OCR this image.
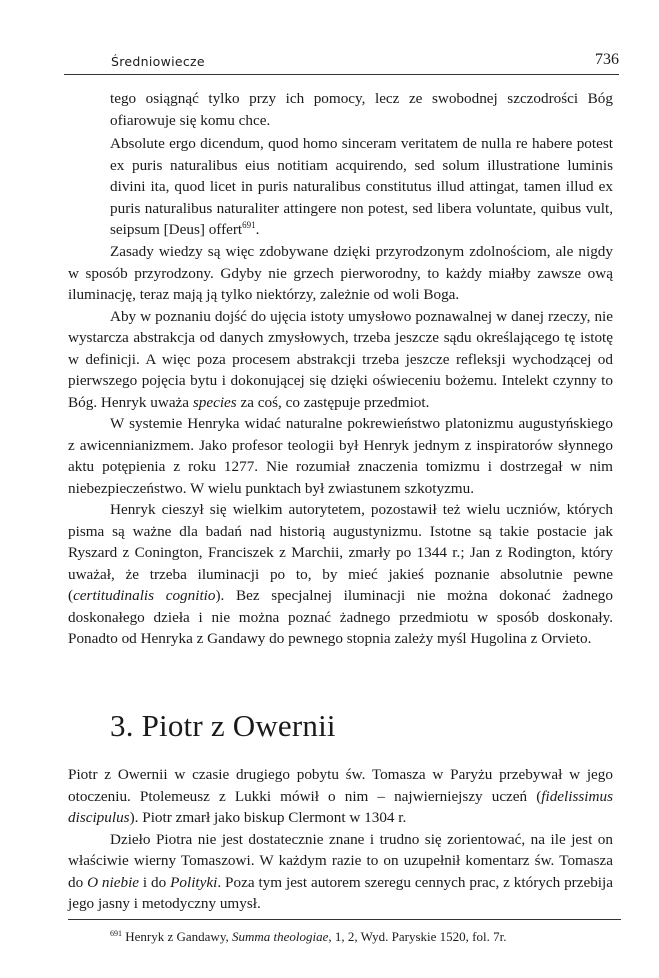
Średniowiecze	736
tego osiągnąć tylko przy ich pomocy, lecz ze swobodnej szczodrości Bóg
ofiarowuje się komu chce.

Absolute ergo dicendum, quod homo sinceram veritatem de nulla re habere potest ex puris naturalibus eius notitiam acquirendo, sed solum illustratione luminis divini ita, quod licet in puris naturalibus constitutus illud attingat, tamen illud ex puris naturalibus naturaliter attingere non potest, sed libera voluntate, quibus vult, seipsum [Deus] offert$^{691}$.

Zasady wiedzy są więc zdobywane dzięki przyrodzonym zdolnościom, ale nigdy w sposób przyrodzony. Gdyby nie grzech pierworodny, to każdy miałby zawsze ową iluminację, teraz mają ją tylko niektórzy, zależnie od woli Boga.

Aby w poznaniu dojść do ujęcia istoty umysłowo poznawalnej w danej rzeczy, nie wystarcza abstrakcja od danych zmysłowych, trzeba jeszcze sądu określającego tę istotę w definicji. A więc poza procesem abstrakcji trzeba jeszcze refleksji wychodzącej od pierwszego pojęcia bytu i dokonującej się dzięki oświeceniu bożemu. Intelekt czynny to Bóg. Henryk uważa species za coś, co zastępuje przedmiot.

W systemie Henryka widać naturalne pokrewieństwo platonizmu augustyńskiego z awicennianizmem. Jako profesor teologii był Henryk jednym z inspiratorów słynnego aktu potępienia z roku 1277. Nie rozumiał znaczenia tomizmu i dostrzegał w nim niebezpieczeństwo. W wielu punktach był zwiastunem szkotyzmu.

Henryk cieszył się wielkim autorytetem, pozostawił też wielu uczniów, których pisma są ważne dla badań nad historią augustynizmu. Istotne są takie postacie jak Ryszard z Conington, Franciszek z Marchii, zmarły po 1344 r.; Jan z Rodington, który uważał, że trzeba iluminacji po to, by mieć jakieś poznanie absolutnie pewne (certitudinalis cognitio). Bez specjalnej iluminacji nie można dokonać żadnego doskonałego dzieła i nie można poznać żadnego przedmiotu w sposób doskonały. Ponadto od Henryka z Gandawy do pewnego stopnia zależy myśl Hugolina z Orvieto.

3. Piotr z Owernii

Piotr z Owernii w czasie drugiego pobytu św. Tomasza w Paryżu przebywał w jego otoczeniu. Ptolemeusz z Lukki mówił o nim – najwierniejszy uczeń (fidelissimus discipulus). Piotr zmarł jako biskup Clermont w 1304 r.

Dzieło Piotra nie jest dostatecznie znane i trudno się zorientować, na ile jest on właściwie wierny Tomaszowi. W każdym razie to on uzupełnił komentarz św. Tomasza do O niebie i do Polityki. Poza tym jest autorem szeregu cennych prac, z których przebija jego jasny i metodyczny umysł.

$^{691}$ Henryk z Gandawy, Summa theologiae, 1, 2, Wyd. Paryskie 1520, fol. 7r.
